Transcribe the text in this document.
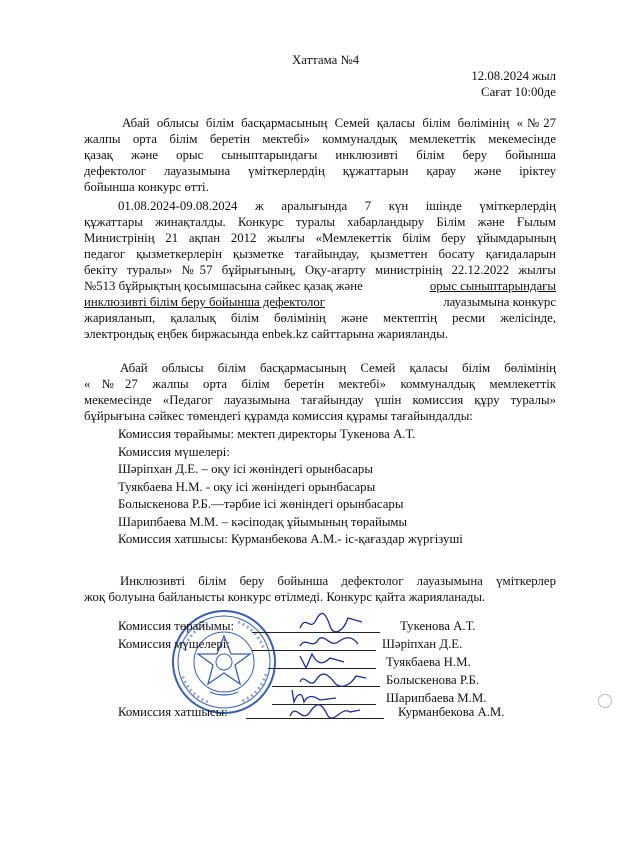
Хаттама №4
12.08.2024 жыл
Сағат 10:00де
Абай облысы білім басқармасының Семей қаласы білім бөлімінің «№27
жалпы орта білім беретін мектебі» коммуналдық мемлекеттік мекемесінде
қазақ және орыс сыныптарындағы инклюзивті білім беру бойынша
дефектолог лауазымына үміткерлердің құжаттарын қарау және іріктеу
бойынша конкурс өтті.
01.08.2024-09.08.2024 ж аралығында 7 күн ішінде үміткерлердің
құжаттары жинақталды. Конкурс туралы хабарландыру Білім және Ғылым
Министрінің 21 ақпан 2012 жылғы «Мемлекеттік білім беру ұйымдарының
педагог қызметкерлерін қызметке тағайындау, қызметтен босату қағидаларын
бекіту туралы» №57 бұйрығының, Оқу-ағарту министрінің 22.12.2022 жылғы
№513 бұйрықтың қосымшасына сәйкес қазақ және	орыс сыныптарындағы
инклюзивті білім беру бойынша дефектолог	лауазымына конкурс
жарияланып, қалалық білім бөлімінің және мектептің ресми желісінде,
электрондық еңбек биржасында enbek.kz сайттарына жарияланды.
Абай облысы білім басқармасының Семей қаласы білім бөлімінің
«№27 жалпы орта білім беретін мектебі» коммуналдық мемлекеттік
мекемесінде «Педагог лауазымына тағайындау үшін комиссия құру туралы»
бұйрығына сәйкес төмендегі құрамда комиссия құрамы тағайындалды:
Комиссия төрайымы: мектеп директоры Тукенова А.Т.
Комиссия мүшелері:
Шәріпхан Д.Е. – оқу ісі жөніндегі орынбасары
Туякбаева Н.М. - оқу ісі жөніндегі орынбасары
Болыскенова Р.Б.—тәрбие ісі жөніндегі орынбасары
Шарипбаева М.М. – кәсіподақ ұйымының төрайымы
Комиссия хатшысы: Курманбекова А.М.- іс-қағаздар жүргізуші
Инклюзивті білім беру бойынша дефектолог лауазымына үміткерлер
жоқ болуына байланысты конкурс өтілмеді. Конкурс қайта жарияланады.
Комиссия төрайымы:	Тукенова А.Т.
Комиссия мүшелері:	Шәріпхан Д.Е.
Туякбаева Н.М.
Болыскенова Р.Б.
Шарипбаева М.М.
Комиссия хатшысы:	Курманбекова А.М.
